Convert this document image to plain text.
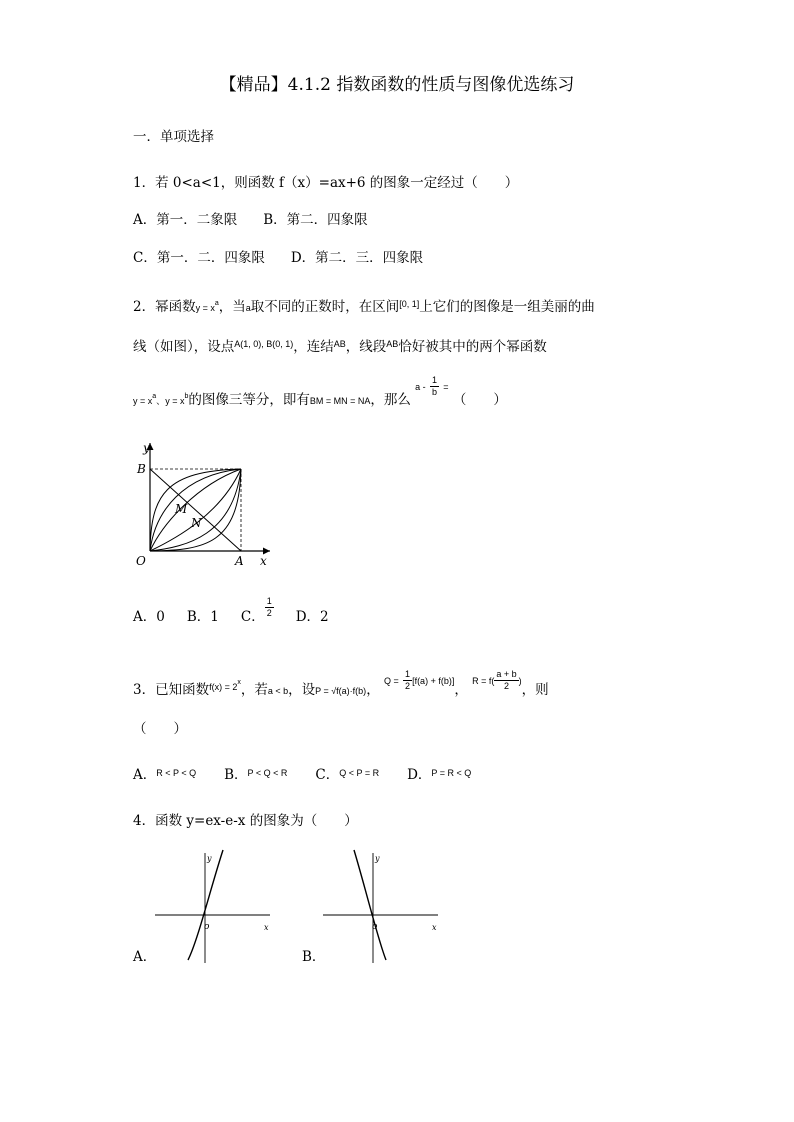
【精品】4.1.2 指数函数的性质与图像优选练习
一．单项选择
1．若 0<a<1，则函数 f（x）=ax+6 的图象一定经过（　　）
A．第一．二象限 B．第二．四象限
C．第一．二．四象限 D．第二．三．四象限
2．幂函数$y = x^a$，当a取不同的正数时，在区间[0, 1]上它们的图像是一组美丽的曲
线（如图），设点$^{A(1, 0), B(0, 1)}$，连结$^{AB}$，线段$^{AB}$恰好被其中的两个幂函数
$y = x^a$、$y = x^b$的图像三等分，即有BM = MN = NA，那么 a - $\frac{1}{b}$ = （　　）
y
B
O	A x
M
N
A．0 B．1 C． $\frac{1}{2}$ D．2
3．已知函数$^{f(x) = 2x}$，若a < b，设P = √f(a)·f(b)， $Q = \frac{1}{2} [f(a) + f(b)]$， $R = f( \frac{a + b}{2}$ )，则
（　　）
A．$^{R < P < Q}$ B．$^{P < Q < R}$ C．$^{Q < P = R}$ D．$^{P = R < Q}$
4．函数 y=ex-e-x 的图象为（　　）
y
x
o
A．
y
x
o
B．
